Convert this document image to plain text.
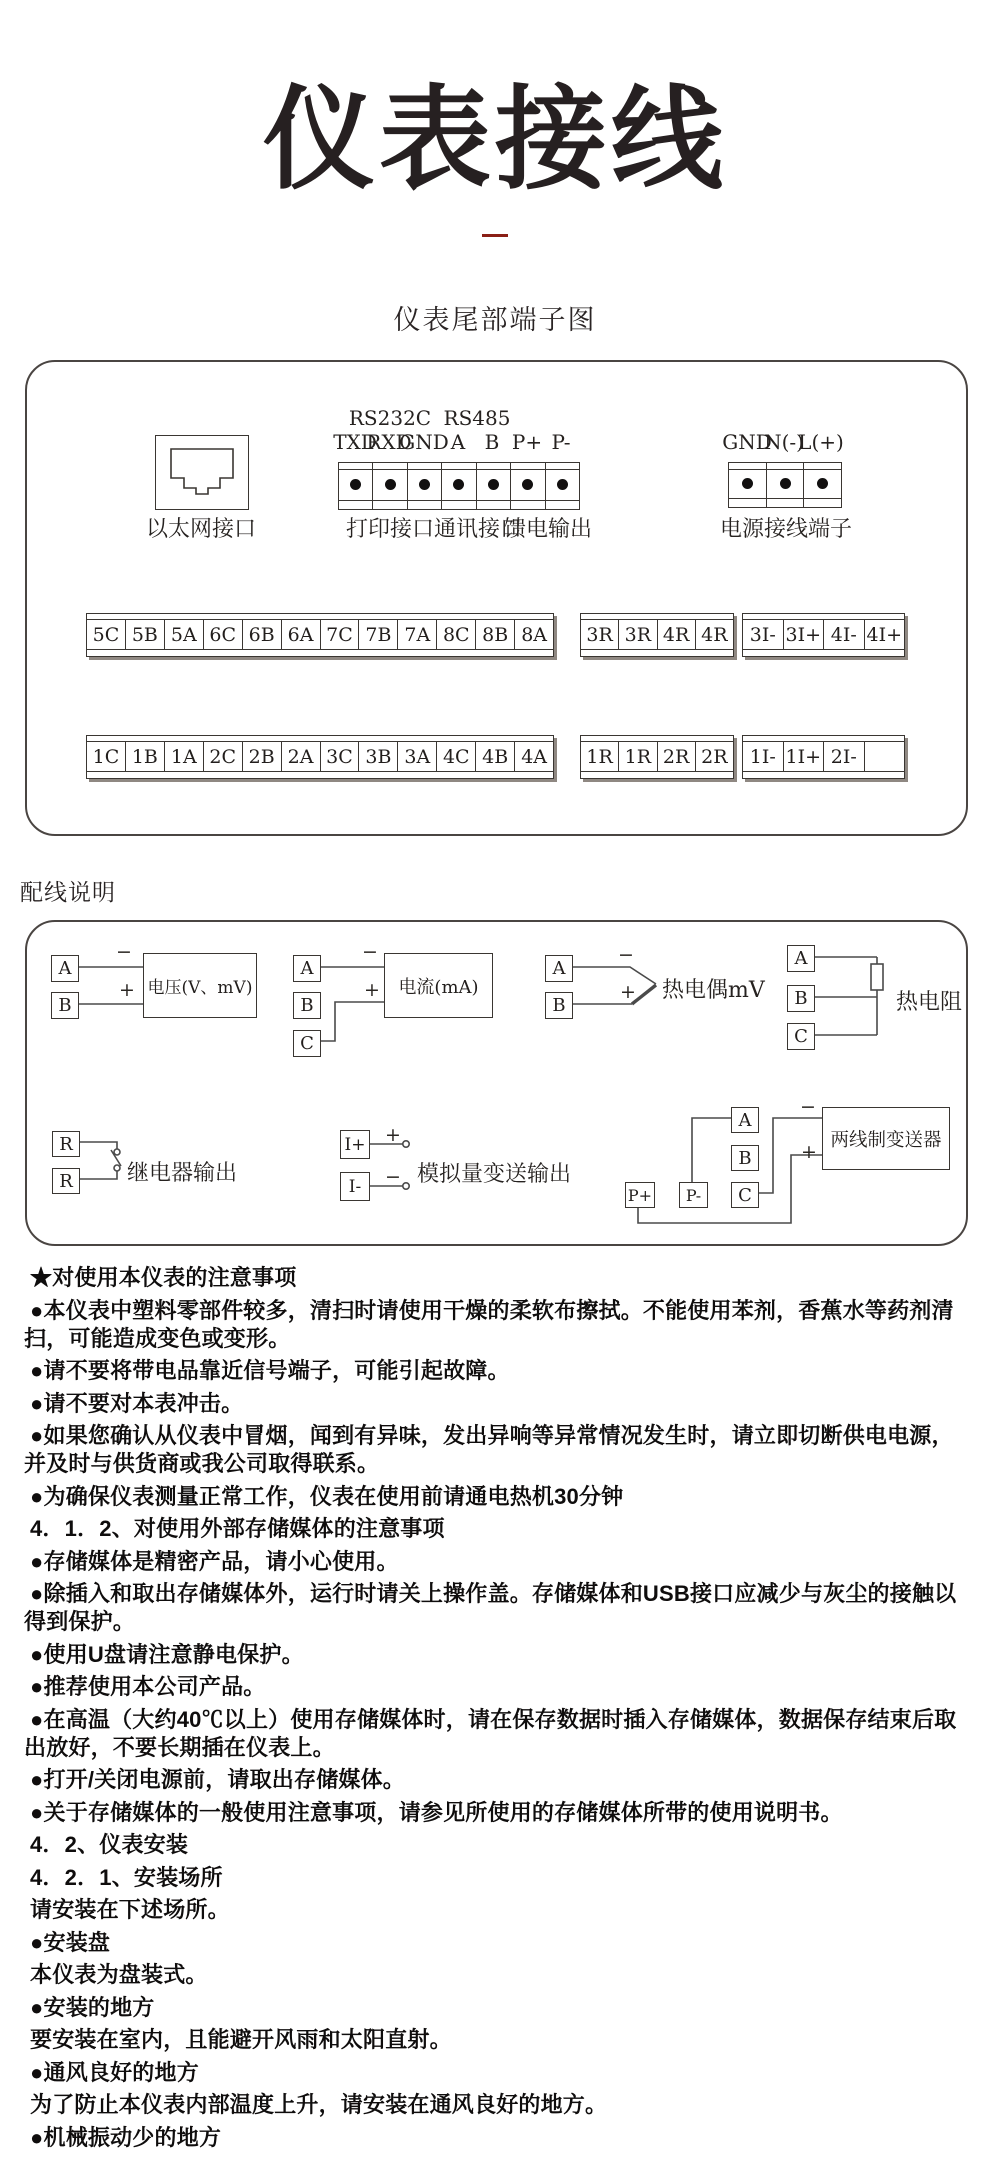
仪表接线
仪表尾部端子图
以太网接口
RS232C RS485
TXD
RXD
GND A B P+ P-
打印接口 通讯接口
馈电输出
GND
N(-)
L(+)
电源接线端子
5C 5B 5A 6C 6B 6A 7C 7B 7A 8C 8B 8A	3R 3R 4R 4R	3I- 3I+ 4I- 4I+
1C 1B 1A 2C 2B 2A 3C 3B 3A 4C 4B 4A	1R 1R 2R 2R	1I- 1I+ 2I-
配线说明
A
B
−
+ 电压(V、mV)
A
B
C
−
+	电流(mA)
A
B
−
+ 热电偶mV
A
B
C
热电阻
R
R	继电器输出
I+
I-
+
− 模拟量变送输出
A
B
C
P+	P-
−
+
两线制变送器

★对使用本仪表的注意事项

●本仪表中塑料零部件较多，清扫时请使用干燥的柔软布擦拭。不能使用苯剂，香蕉水等药剂清扫，可能造成变色或变形。

●请不要将带电品靠近信号端子，可能引起故障。

●请不要对本表冲击。

●如果您确认从仪表中冒烟，闻到有异味，发出异响等异常情况发生时，请立即切断供电电源，并及时与供货商或我公司取得联系。

●为确保仪表测量正常工作，仪表在使用前请通电热机30分钟

4．1．2、对使用外部存储媒体的注意事项

●存储媒体是精密产品，请小心使用。

●除插入和取出存储媒体外，运行时请关上操作盖。存储媒体和USB接口应减少与灰尘的接触以得到保护。

●使用U盘请注意静电保护。

●推荐使用本公司产品。

●在高温（大约40℃以上）使用存储媒体时，请在保存数据时插入存储媒体，数据保存结束后取出放好，不要长期插在仪表上。

●打开/关闭电源前，请取出存储媒体。

●关于存储媒体的一般使用注意事项，请参见所使用的存储媒体所带的使用说明书。

4．2、仪表安装

4．2．1、安装场所

请安装在下述场所。

●安装盘

本仪表为盘装式。

●安装的地方

要安装在室内，且能避开风雨和太阳直射。

●通风良好的地方

为了防止本仪表内部温度上升，请安装在通风良好的地方。

●机械振动少的地方
